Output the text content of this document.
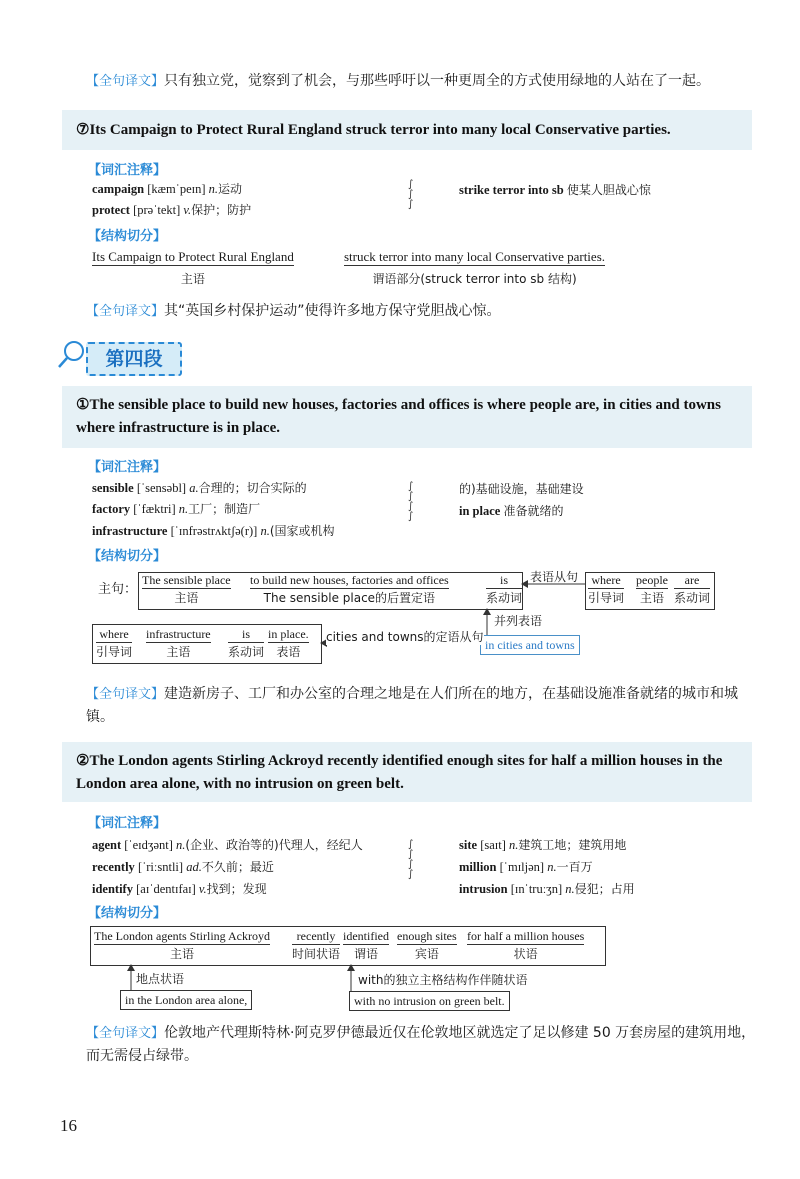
【全句译文】只有独立党，觉察到了机会，与那些呼吁以一种更周全的方式使用绿地的人站在了一起。
⑦Its Campaign to Protect Rural England struck terror into many local Conservative parties.
【词汇注释】
campaign [kæmˈpeɪn] n.运动
protect [prəˈtekt] v.保护；防护
∫
∫
∫
strike terror into sb 使某人胆战心惊
【结构切分】
Its Campaign to Protect Rural England
主语
struck terror into many local Conservative parties.
谓语部分(struck terror into sb 结构)
【全句译文】其“英国乡村保护运动”使得许多地方保守党胆战心惊。
第四段
①The sensible place to build new houses, factories and offices is where people are, in cities and towns where infrastructure is in place.
【词汇注释】
sensible [ˈsensəbl] a.合理的；切合实际的
factory [ˈfæktri] n.工厂；制造厂
infrastructure [ˈɪnfrəstrʌktʃə(r)] n.(国家或机构
∫
∫
∫
∫
的)基础设施，基础建设
in place 准备就绪的
【结构切分】
主句：
The sensible place
主语
to build new houses, factories and offices
The sensible place的后置定语
is
系动词
表语从句 where
引导词
people
主语
are
系动词
并列表语
in cities and towns
where
引导词
infrastructure
主语
is
系动词
in place.
表语
cities and towns的定语从句
【全句译文】建造新房子、工厂和办公室的合理之地是在人们所在的地方，在基础设施准备就绪的城市和城镇。
②The London agents Stirling Ackroyd recently identified enough sites for half a million houses in the London area alone, with no intrusion on green belt.
【词汇注释】
agent [ˈeɪdʒənt] n.(企业、政治等的)代理人，经纪人
recently [ˈriːsntli] ad.不久前；最近
identify [aɪˈdentɪfaɪ] v.找到；发现
∫
∫
∫
∫
site [saɪt] n.建筑工地；建筑用地
million [ˈmɪljən] n.一百万
intrusion [ɪnˈtruːʒn] n.侵犯；占用
【结构切分】
The London agents Stirling Ackroyd
主语
recently
时间状语
identified
谓语
enough sites
宾语
for half a million houses
状语
地点状语
in the London area alone,
with的独立主格结构作伴随状语
with no intrusion on green belt.
【全句译文】伦敦地产代理斯特林·阿克罗伊德最近仅在伦敦地区就选定了足以修建 50 万套房屋的建筑用地，而无需侵占绿带。
16
